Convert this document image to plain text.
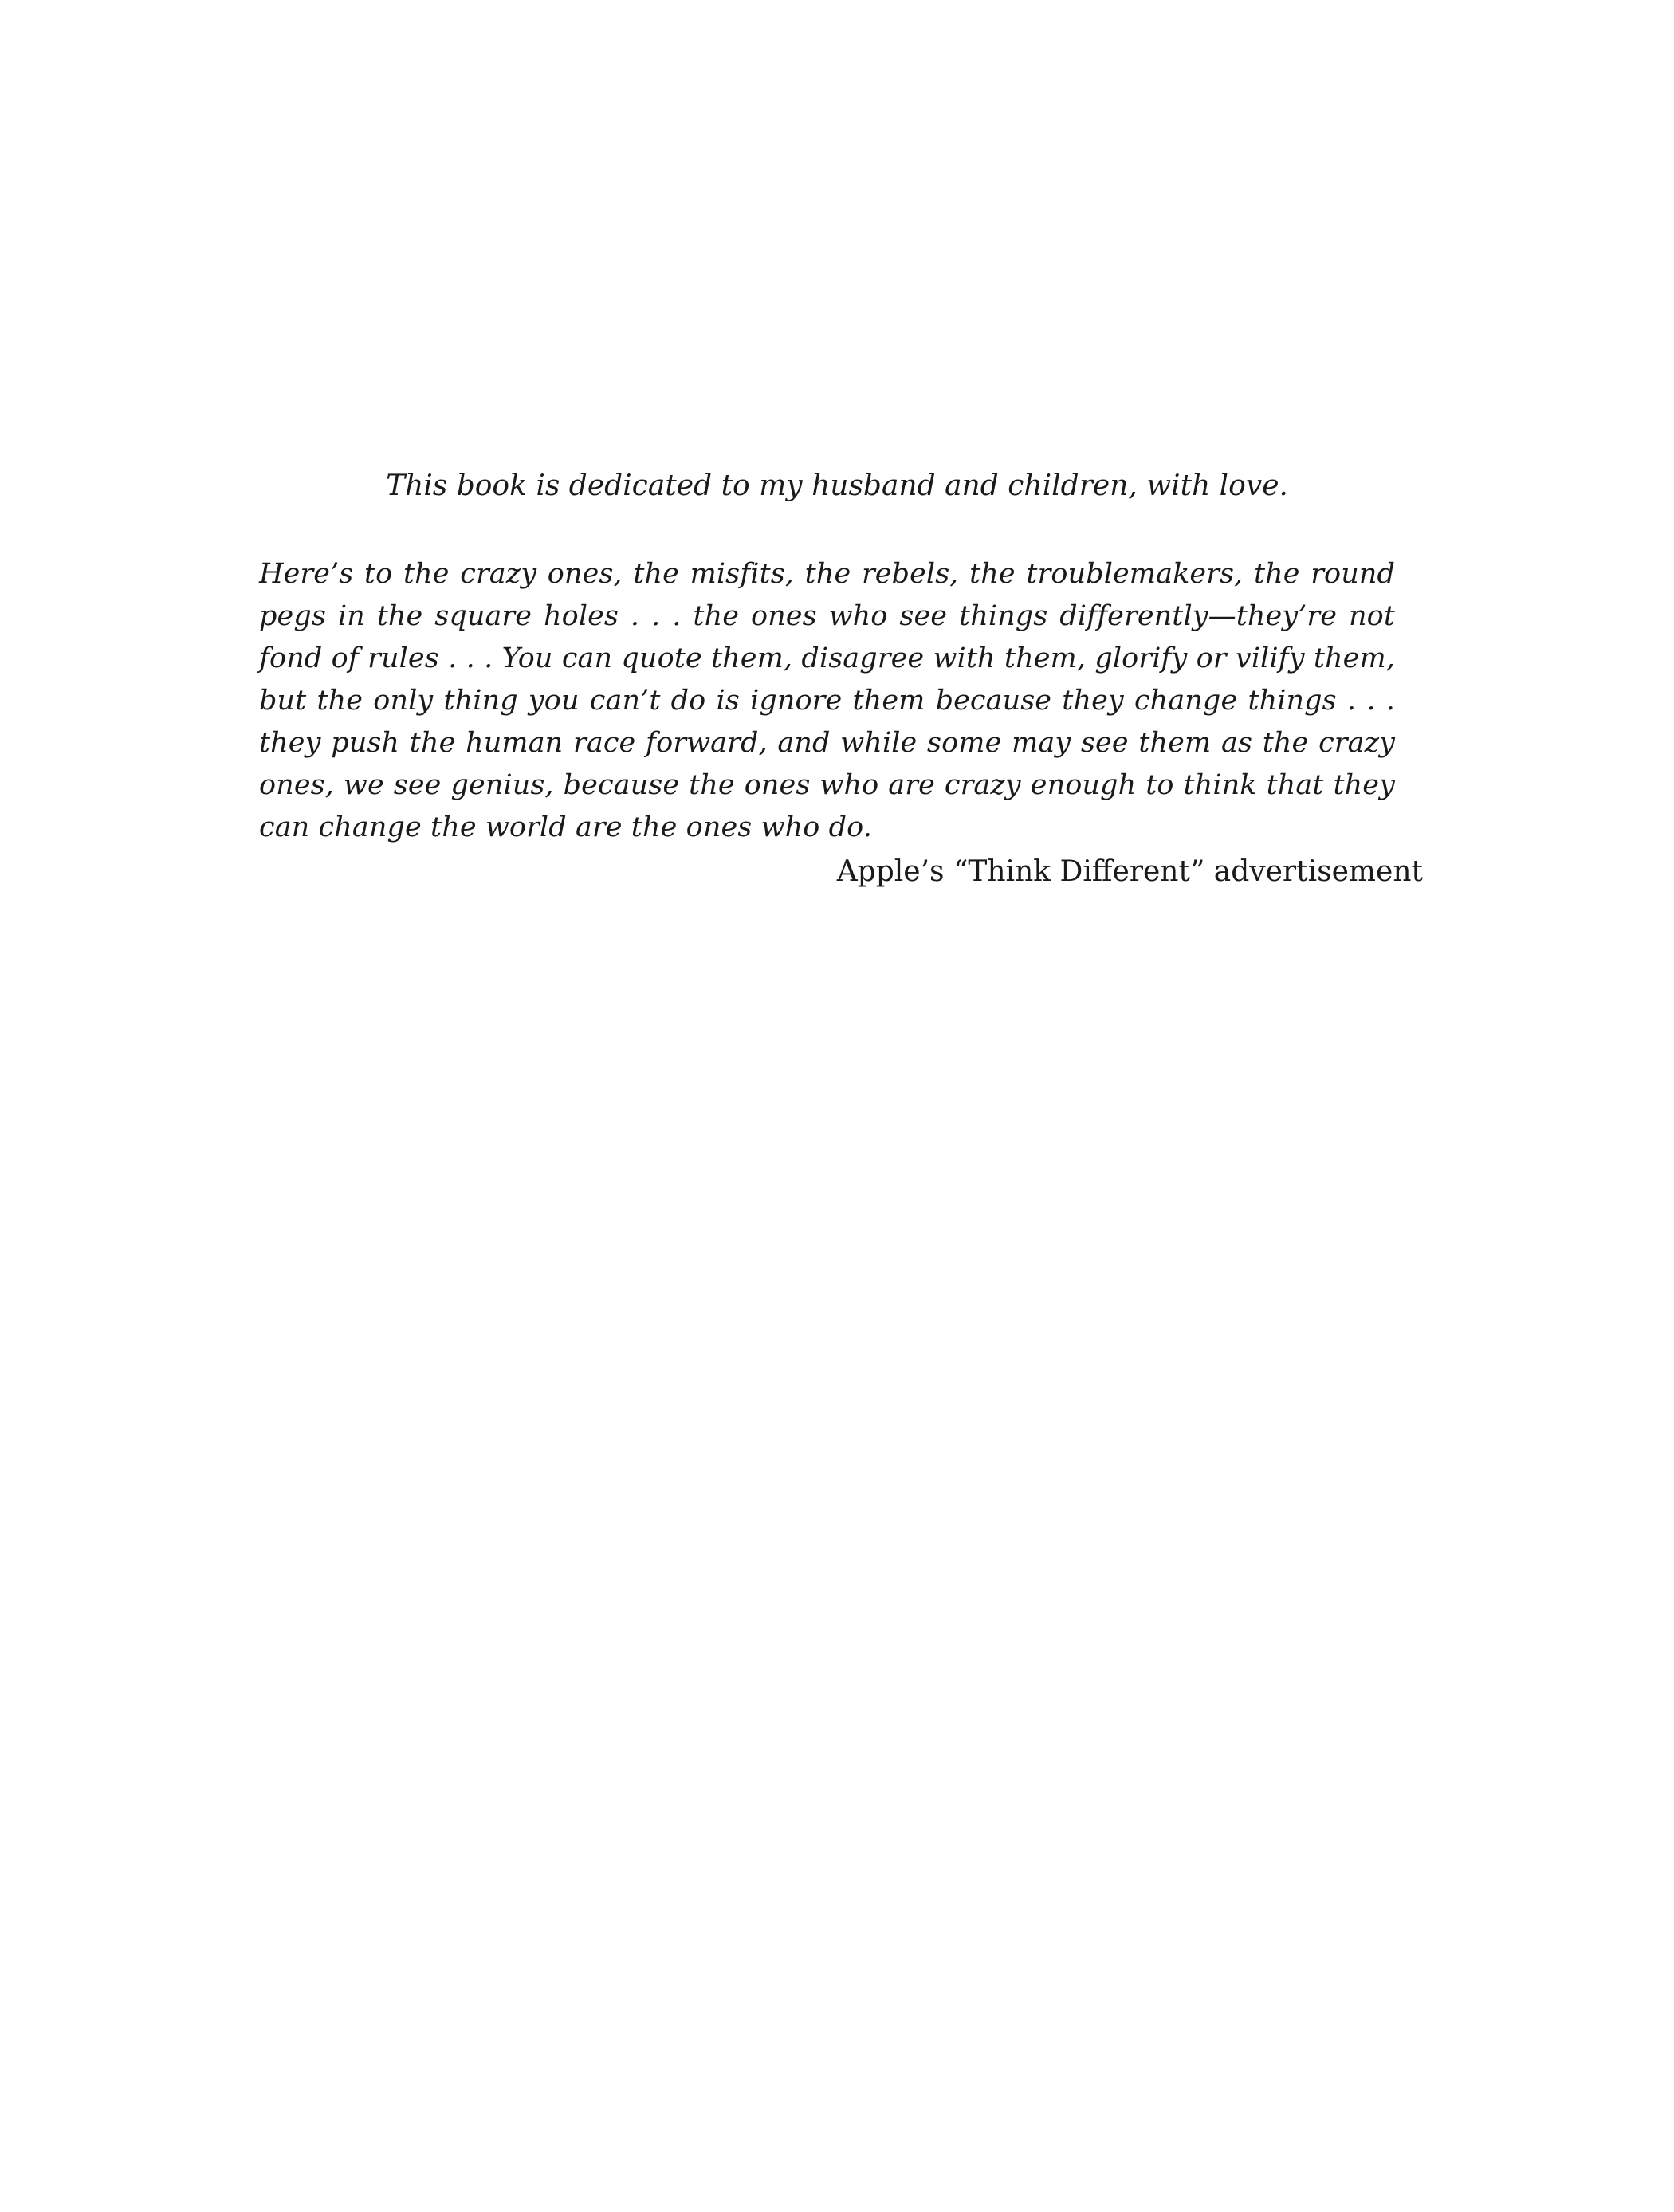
This book is dedicated to my husband and children, with love.

Here’s to the crazy ones, the misfits, the rebels, the troublemakers, the round pegs in the square holes . . . the ones who see things differently—they’re not fond of rules . . . You can quote them, disagree with them, glorify or vilify them, but the only thing you can’t do is ignore them because they change things . . . they push the human race forward, and while some may see them as the crazy ones, we see genius, because the ones who are crazy enough to think that they can change the world are the ones who do.

Apple’s “Think Different” advertisement
